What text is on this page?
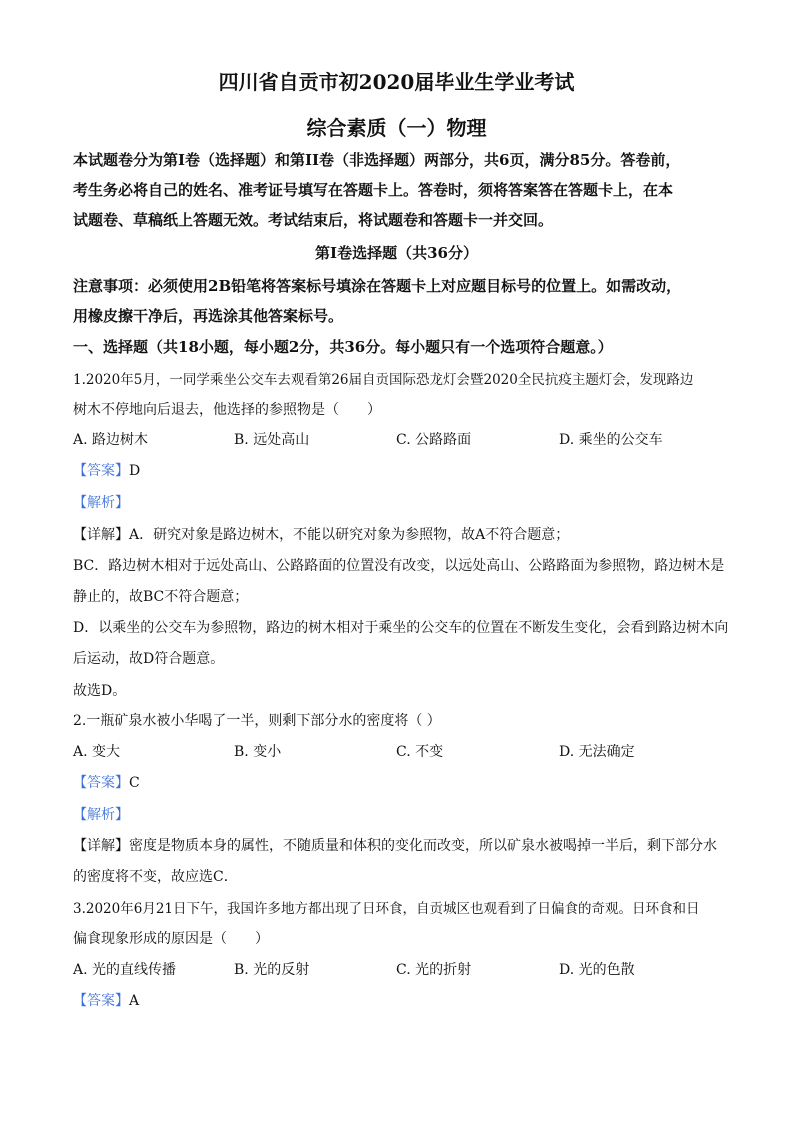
四川省自贡市初2020届毕业生学业考试
综合素质（一）物理
本试题卷分为第I卷（选择题）和第II卷（非选择题）两部分，共6页，满分85分。答卷前，
考生务必将自己的姓名、准考证号填写在答题卡上。答卷时，须将答案答在答题卡上，在本
试题卷、草稿纸上答题无效。考试结束后，将试题卷和答题卡一并交回。
第I卷选择题（共36分）
注意事项：必须使用2B铅笔将答案标号填涂在答题卡上对应题目标号的位置上。如需改动，
用橡皮擦干净后，再选涂其他答案标号。
一、选择题（共18小题，每小题2分，共36分。每小题只有一个选项符合题意。）
1.2020年5月，一同学乘坐公交车去观看第26届自贡国际恐龙灯会暨2020全民抗疫主题灯会，发现路边
树木不停地向后退去，他选择的参照物是（　　）
A. 路边树木	B. 远处高山	C. 公路路面	D. 乘坐的公交车
【答案】D
【解析】
【详解】A．研究对象是路边树木，不能以研究对象为参照物，故A不符合题意；
BC．路边树木相对于远处高山、公路路面的位置没有改变，以远处高山、公路路面为参照物，路边树木是
静止的，故BC不符合题意；
D．以乘坐的公交车为参照物，路边的树木相对于乘坐的公交车的位置在不断发生变化，会看到路边树木向
后运动，故D符合题意。
故选D。
2.一瓶矿泉水被小华喝了一半，则剩下部分水的密度将（ ）
A. 变大	B. 变小	C. 不变	D. 无法确定
【答案】C
【解析】
【详解】密度是物质本身的属性，不随质量和体积的变化而改变，所以矿泉水被喝掉一半后，剩下部分水
的密度将不变，故应选C．
3.2020年6月21日下午，我国许多地方都出现了日环食，自贡城区也观看到了日偏食的奇观。日环食和日
偏食现象形成的原因是（　　）
A. 光的直线传播	B. 光的反射	C. 光的折射	D. 光的色散
【答案】A
